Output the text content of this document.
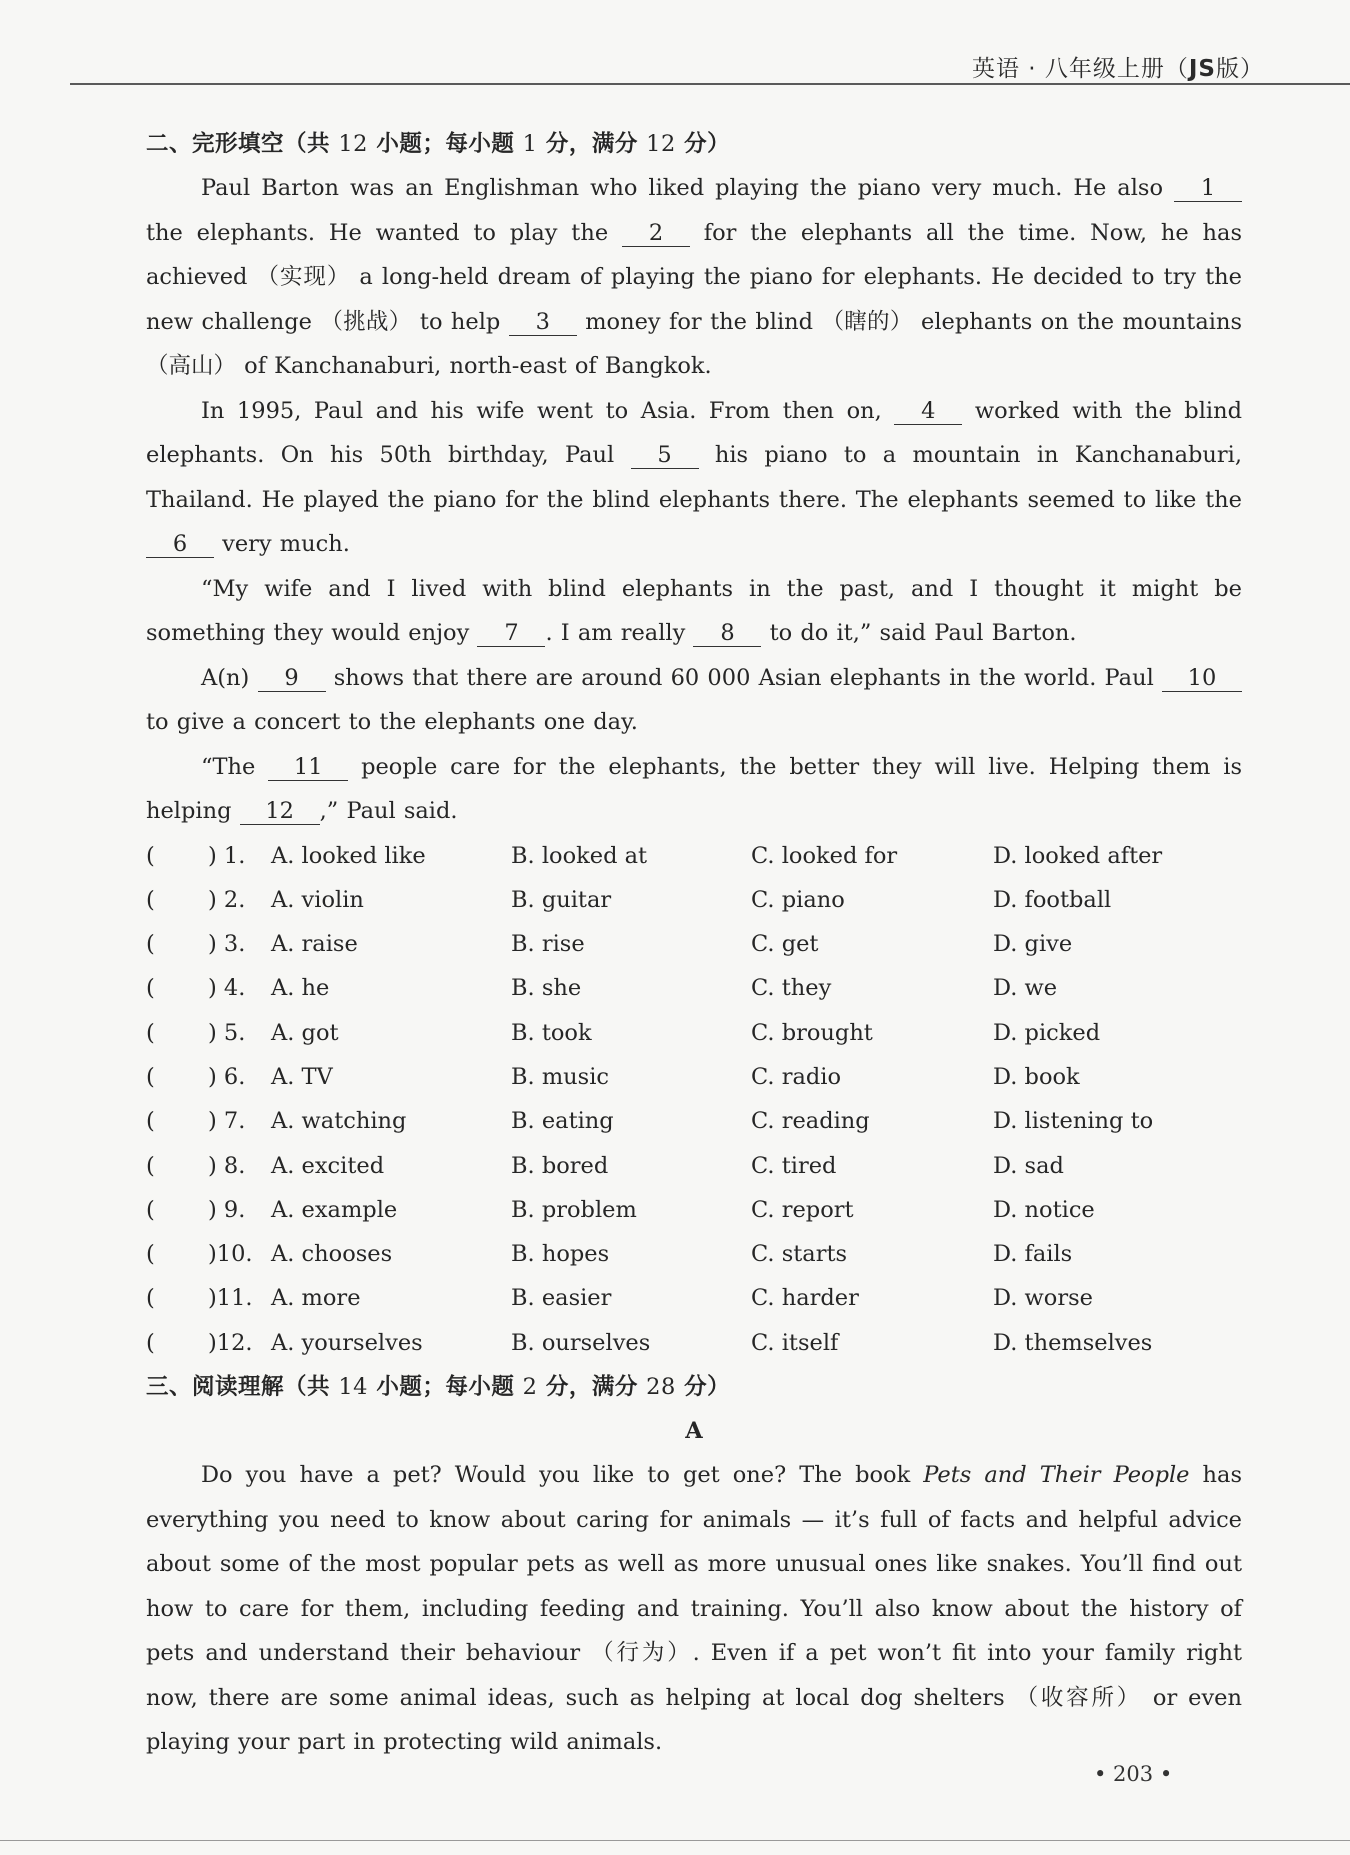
英语 · 八年级上册（JS版）
二、完形填空（共 12 小题；每小题 1 分，满分 12 分）

Paul Barton was an Englishman who liked playing the piano very much. He also 1 the elephants. He wanted to play the 2 for the elephants all the time. Now, he has achieved （实现） a long-held dream of playing the piano for elephants. He decided to try the new challenge （挑战） to help 3 money for the blind （瞎的） elephants on the mountains （高山） of Kanchanaburi, north-east of Bangkok.

In 1995, Paul and his wife went to Asia. From then on, 4 worked with the blind elephants. On his 50th birthday, Paul 5 his piano to a mountain in Kanchanaburi, Thailand. He played the piano for the blind elephants there. The elephants seemed to like the 6 very much.

“My wife and I lived with blind elephants in the past, and I thought it might be something they would enjoy 7 . I am really 8 to do it,” said Paul Barton.

A(n) 9 shows that there are around 60 000 Asian elephants in the world. Paul 10 to give a concert to the elephants one day.

“The 11 people care for the elephants, the better they will live. Helping them is helping 12 ,” Paul said.

( ) 1. A. looked like	B. looked at	C. looked for	D. looked after
( ) 2. A. violin	B. guitar	C. piano	D. football
( ) 3. A. raise	B. rise	C. get	D. give
( ) 4. A. he	B. she	C. they	D. we
( ) 5. A. got	B. took	C. brought	D. picked
( ) 6. A. TV	B. music	C. radio	D. book
( ) 7. A. watching	B. eating	C. reading	D. listening to
( ) 8. A. excited	B. bored	C. tired	D. sad
( ) 9. A. example	B. problem	C. report	D. notice
( )10. A. chooses	B. hopes	C. starts	D. fails
( )11. A. more	B. easier	C. harder	D. worse
( )12. A. yourselves	B. ourselves	C. itself	D. themselves
三、阅读理解（共 14 小题；每小题 2 分，满分 28 分）
A

Do you have a pet? Would you like to get one? The book Pets and Their People has everything you need to know about caring for animals — it’s full of facts and helpful advice about some of the most popular pets as well as more unusual ones like snakes. You’ll find out how to care for them, including feeding and training. You’ll also know about the history of pets and understand their behaviour （行为）. Even if a pet won’t fit into your family right now, there are some animal ideas, such as helping at local dog shelters （收容所） or even playing your part in protecting wild animals.

• 203 •
